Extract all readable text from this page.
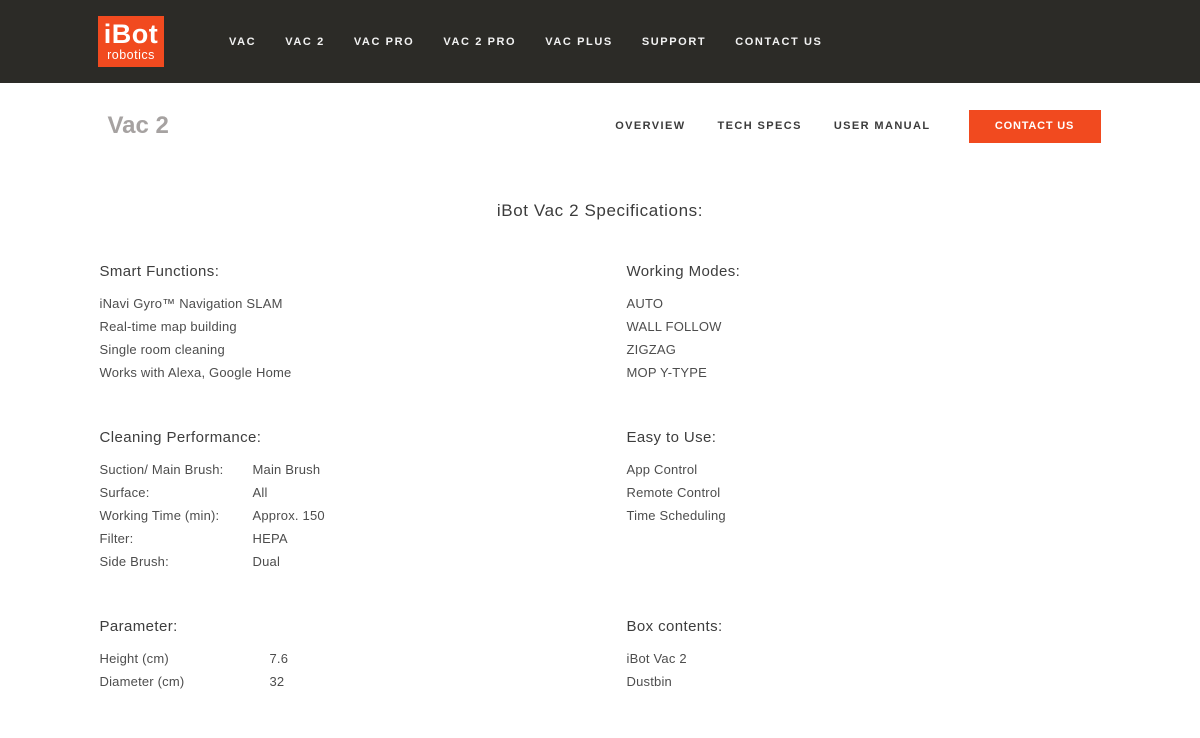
iBot
robotics
VAC	VAC 2	VAC PRO	VAC 2 PRO	VAC PLUS	SUPPORT	CONTACT US
Vac 2	OVERVIEW	TECH SPECS	USER MANUAL	CONTACT US
iBot Vac 2 Specifications:
Smart Functions:
iNavi Gyro™ Navigation SLAM
Real-time map building
Single room cleaning
Works with Alexa, Google Home
Working Modes:
AUTO
WALL FOLLOW
ZIGZAG
MOP Y-TYPE
Cleaning Performance:
Suction/ Main Brush:	Main Brush
Surface:	All
Working Time (min):	Approx. 150
Filter:	HEPA
Side Brush:	Dual
Easy to Use:
App Control
Remote Control
Time Scheduling
Parameter:
Height (cm)	7.6
Diameter (cm)	32
Box contents:
iBot Vac 2
Dustbin
